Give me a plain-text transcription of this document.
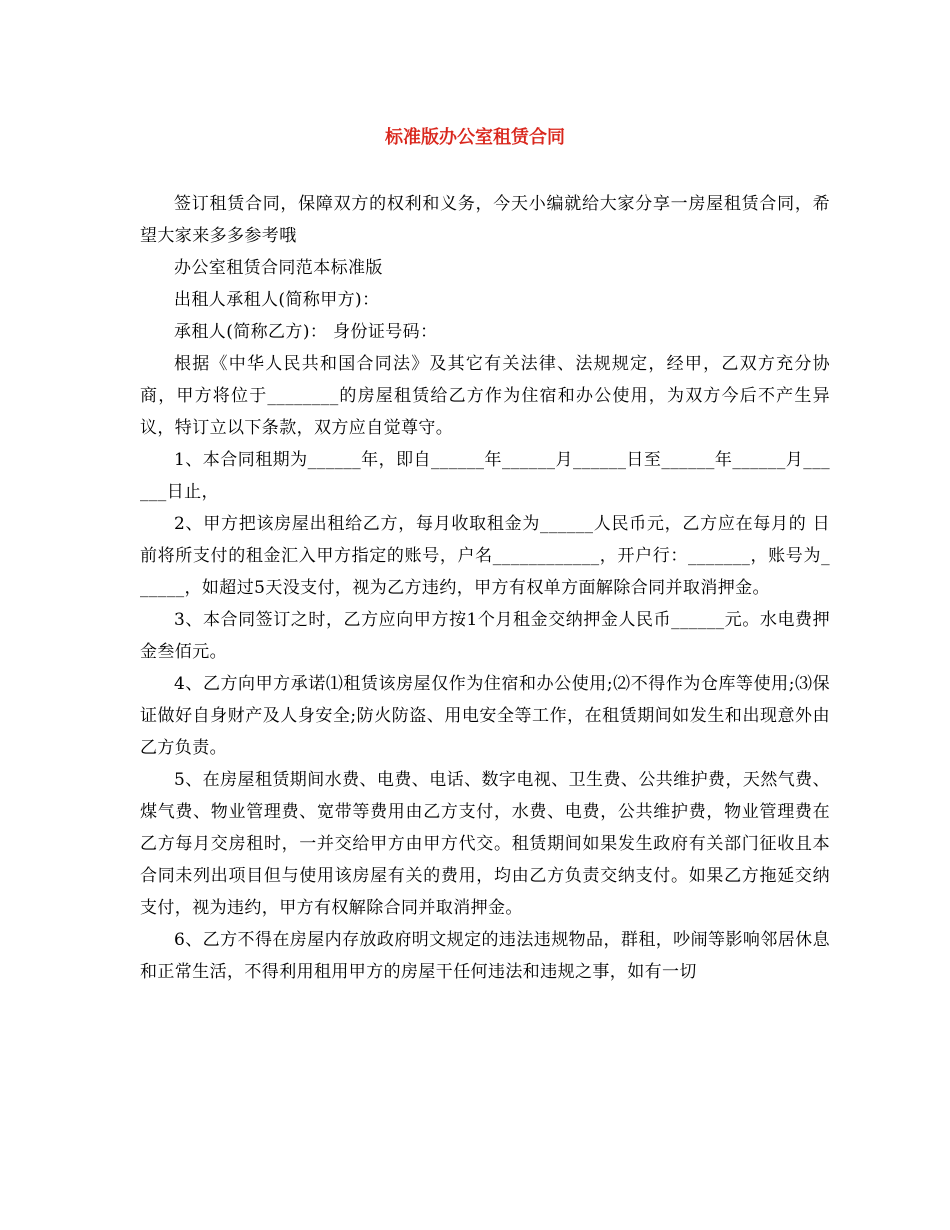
标准版办公室租赁合同

签订租赁合同，保障双方的权利和义务，今天小编就给大家分享一房屋租赁合同，希望大家来多多参考哦

办公室租赁合同范本标准版

出租人承租人(简称甲方)：

承租人(简称乙方)： 身份证号码：

根据《中华人民共和国合同法》及其它有关法律、法规规定，经甲，乙双方充分协商，甲方将位于________的房屋租赁给乙方作为住宿和办公使用，为双方今后不产生异议，特订立以下条款，双方应自觉尊守。

1、本合同租期为______年，即自______年______月______日至______年______月______日止，

2、甲方把该房屋出租给乙方，每月收取租金为______人民币元，乙方应在每月的 日前将所支付的租金汇入甲方指定的账号，户名____________，开户行：_______，账号为______，如超过5天没支付，视为乙方违约，甲方有权单方面解除合同并取消押金。

3、本合同签订之时，乙方应向甲方按1个月租金交纳押金人民币______元。水电费押金叁佰元。

4、乙方向甲方承诺⑴租赁该房屋仅作为住宿和办公使用;⑵不得作为仓库等使用;⑶保证做好自身财产及人身安全;防火防盗、用电安全等工作，在租赁期间如发生和出现意外由乙方负责。

5、在房屋租赁期间水费、电费、电话、数字电视、卫生费、公共维护费，天然气费、煤气费、物业管理费、宽带等费用由乙方支付，水费、电费，公共维护费，物业管理费在乙方每月交房租时，一并交给甲方由甲方代交。租赁期间如果发生政府有关部门征收且本合同未列出项目但与使用该房屋有关的费用，均由乙方负责交纳支付。如果乙方拖延交纳支付，视为违约，甲方有权解除合同并取消押金。

6、乙方不得在房屋内存放政府明文规定的违法违规物品，群租，吵闹等影响邻居休息和正常生活，不得利用租用甲方的房屋干任何违法和违规之事，如有一切
